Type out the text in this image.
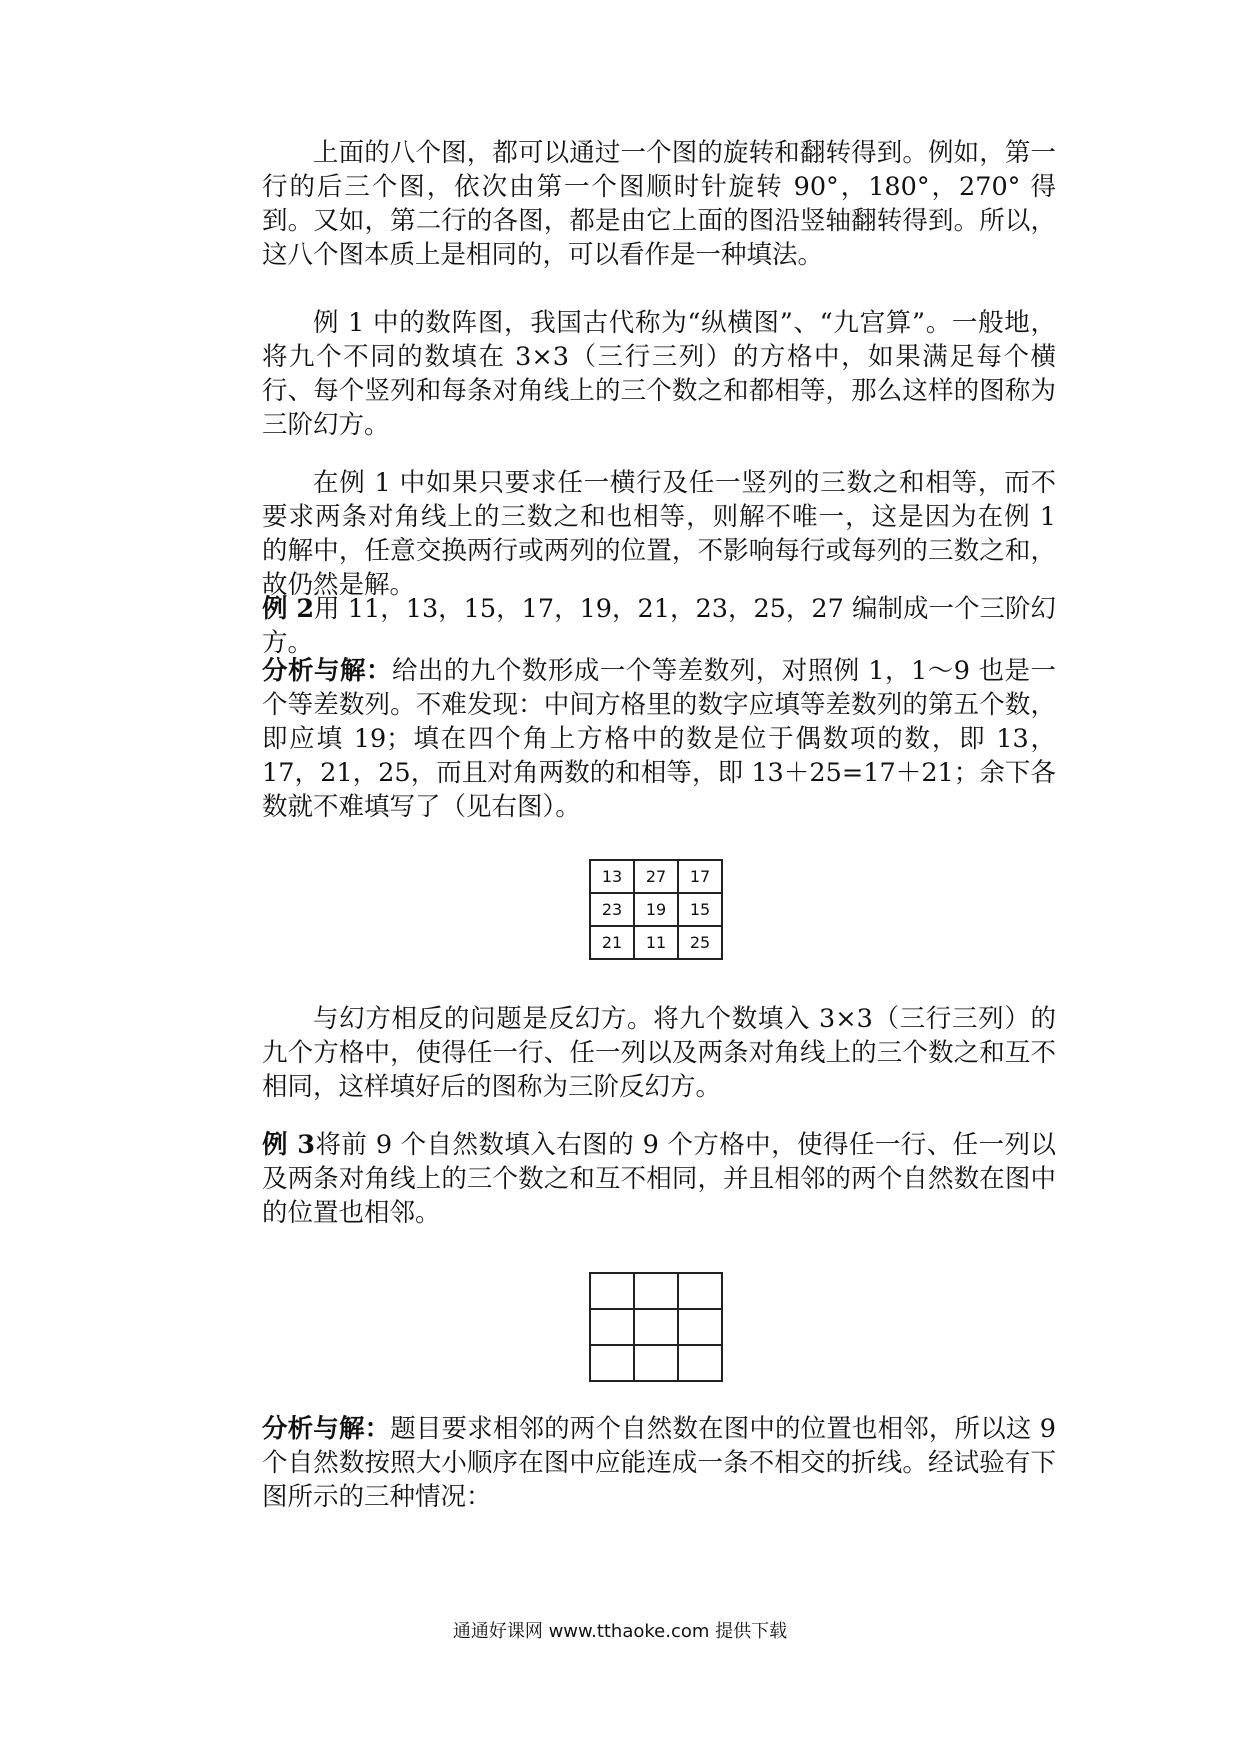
上面的八个图，都可以通过一个图的旋转和翻转得到。例如，第一行的后三个图，依次由第一个图顺时针旋转 90°，180°，270° 得到。又如，第二行的各图，都是由它上面的图沿竖轴翻转得到。所以，这八个图本质上是相同的，可以看作是一种填法。

例 1 中的数阵图，我国古代称为“纵横图”、“九宫算”。一般地，将九个不同的数填在 3×3（三行三列）的方格中，如果满足每个横行、每个竖列和每条对角线上的三个数之和都相等，那么这样的图称为三阶幻方。

在例 1 中如果只要求任一横行及任一竖列的三数之和相等，而不要求两条对角线上的三数之和也相等，则解不唯一，这是因为在例 1 的解中，任意交换两行或两列的位置，不影响每行或每列的三数之和，故仍然是解。

例 2用 11，13，15，17，19，21，23，25，27 编制成一个三阶幻方。

分析与解：给出的九个数形成一个等差数列，对照例 1，1～9 也是一个等差数列。不难发现：中间方格里的数字应填等差数列的第五个数，即应填 19；填在四个角上方格中的数是位于偶数项的数，即 13，17，21，25，而且对角两数的和相等，即 13＋25=17＋21；余下各数就不难填写了（见右图）。

13	27	17
23	19	15
21	11	25

与幻方相反的问题是反幻方。将九个数填入 3×3（三行三列）的九个方格中，使得任一行、任一列以及两条对角线上的三个数之和互不相同，这样填好后的图称为三阶反幻方。

例 3将前 9 个自然数填入右图的 9 个方格中，使得任一行、任一列以及两条对角线上的三个数之和互不相同，并且相邻的两个自然数在图中的位置也相邻。

分析与解：题目要求相邻的两个自然数在图中的位置也相邻，所以这 9 个自然数按照大小顺序在图中应能连成一条不相交的折线。经试验有下图所示的三种情况：

通通好课网 www.tthaoke.com 提供下载
